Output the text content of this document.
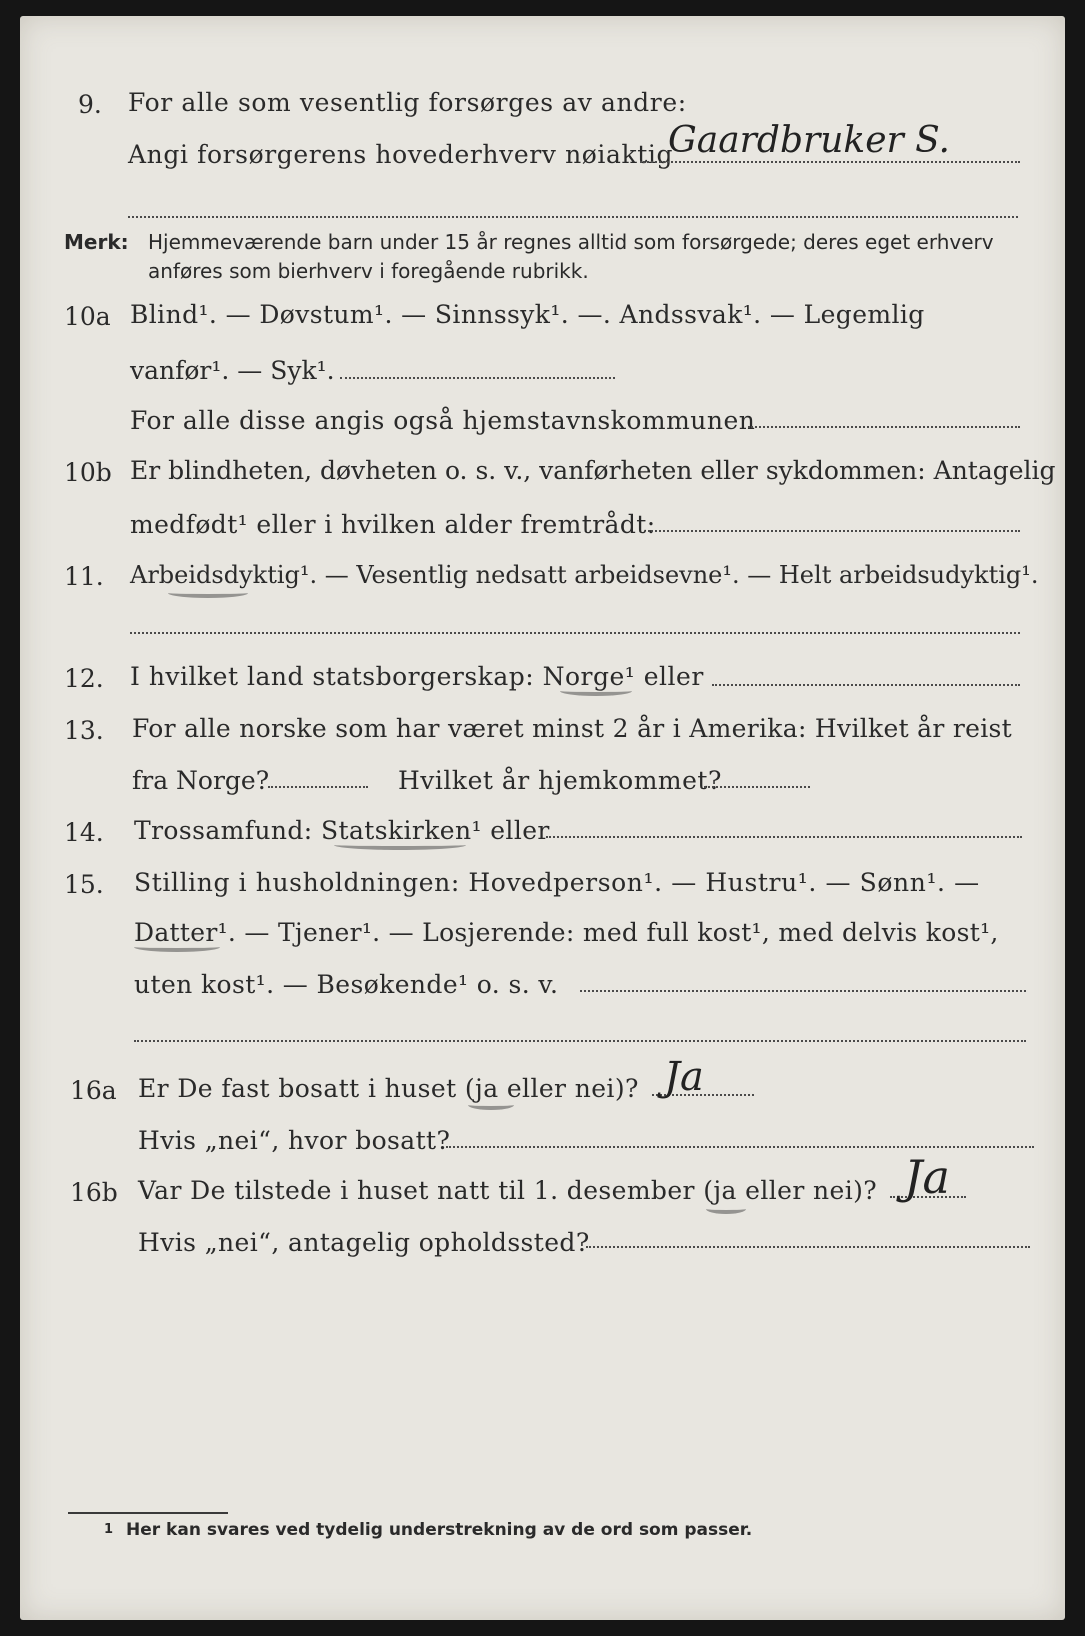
9. For alle som vesentlig forsørges av andre:
Angi forsørgerens hovederhverv nøiaktig
Gaardbruker S.
Merk: Hjemmeværende barn under 15 år regnes alltid som forsørgede; deres eget erhverv
anføres som bierhverv i foregående rubrikk.
10a Blind¹. — Døvstum¹. — Sinnssyk¹. —. Andssvak¹. — Legemlig
vanfør¹. — Syk¹.
For alle disse angis også hjemstavnskommunen
10b Er blindheten, døvheten o. s. v., vanførheten eller sykdommen: Antagelig
medfødt¹ eller i hvilken alder fremtrådt:
11. Arbeidsdyktig¹. — Vesentlig nedsatt arbeidsevne¹. — Helt arbeidsudyktig¹.
12. I hvilket land statsborgerskap: Norge¹ eller
13. For alle norske som har været minst 2 år i Amerika: Hvilket år reist
fra Norge?	Hvilket år hjemkommet?
14. Trossamfund: Statskirken¹ eller
15. Stilling i husholdningen: Hovedperson¹. — Hustru¹. — Sønn¹. —
Datter¹. — Tjener¹. — Losjerende: med full kost¹, med delvis kost¹,
uten kost¹. — Besøkende¹ o. s. v.
16a Er De fast bosatt i huset (ja eller nei)? Ja
Hvis „nei“, hvor bosatt?
16b Var De tilstede i huset natt til 1. desember (ja eller nei)? Ja
Hvis „nei“, antagelig opholdssted?
1 Her kan svares ved tydelig understrekning av de ord som passer.
